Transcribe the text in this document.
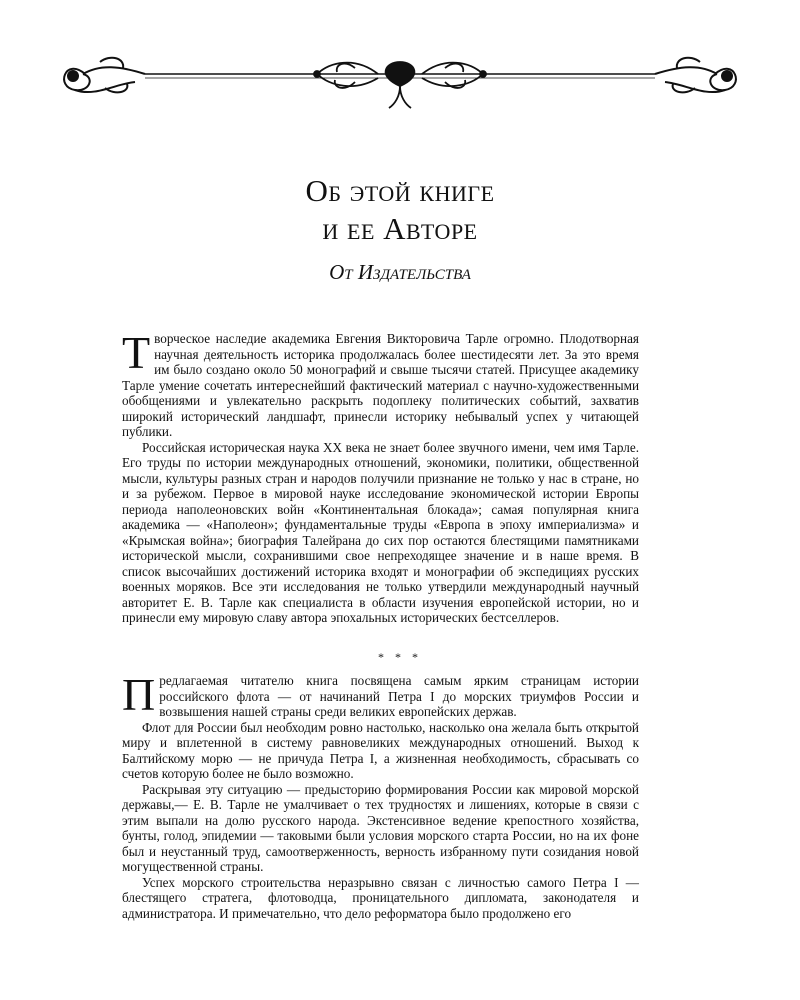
Об этой книге
и ее Авторе
От Издательства

Творческое наследие академика Евгения Викторовича Тарле огромно. Плодотворная научная деятельность историка продолжалась более шестидесяти лет. За это время им было создано около 50 монографий и свыше тысячи статей. Присущее академику Тарле умение сочетать интереснейший фактический материал с научно-художественными обобщениями и увлекательно раскрыть подоплеку политических событий, захватив широкий исторический ландшафт, принесли историку небывалый успех у читающей публики.

Российская историческая наука XX века не знает более звучного имени, чем имя Тарле. Его труды по истории международных отношений, экономики, политики, общественной мысли, культуры разных стран и народов получили признание не только у нас в стране, но и за рубежом. Первое в мировой науке исследование экономической истории Европы периода наполеоновских войн «Континентальная блокада»; самая популярная книга академика — «Наполеон»; фундаментальные труды «Европа в эпоху империализма» и «Крымская война»; биография Талейрана до сих пор остаются блестящими памятниками исторической мысли, сохранившими свое непреходящее значение и в наше время. В список высочайших достижений историка входят и монографии об экспедициях русских военных моряков. Все эти исследования не только утвердили международный научный авторитет Е. В. Тарле как специалиста в области изучения европейской истории, но и принесли ему мировую славу автора эпохальных исторических бестселлеров.

* * *

Предлагаемая читателю книга посвящена самым ярким страницам истории российского флота — от начинаний Петра I до морских триумфов России и возвышения нашей страны среди великих европейских держав.

Флот для России был необходим ровно настолько, насколько она желала быть открытой миру и вплетенной в систему равновеликих международных отношений. Выход к Балтийскому морю — не причуда Петра I, а жизненная необходимость, сбрасывать со счетов которую более не было возможно.

Раскрывая эту ситуацию — предысторию формирования России как мировой морской державы,— Е. В. Тарле не умалчивает о тех трудностях и лишениях, которые в связи с этим выпали на долю русского народа. Экстенсивное ведение крепостного хозяйства, бунты, голод, эпидемии — таковыми были условия морского старта России, но на их фоне был и неустанный труд, самоотверженность, верность избранному пути созидания новой могущественной страны.

Успех морского строительства неразрывно связан с личностью самого Петра I — блестящего стратега, флотоводца, проницательного дипломата, законодателя и администратора. И примечательно, что дело реформатора было продолжено его
